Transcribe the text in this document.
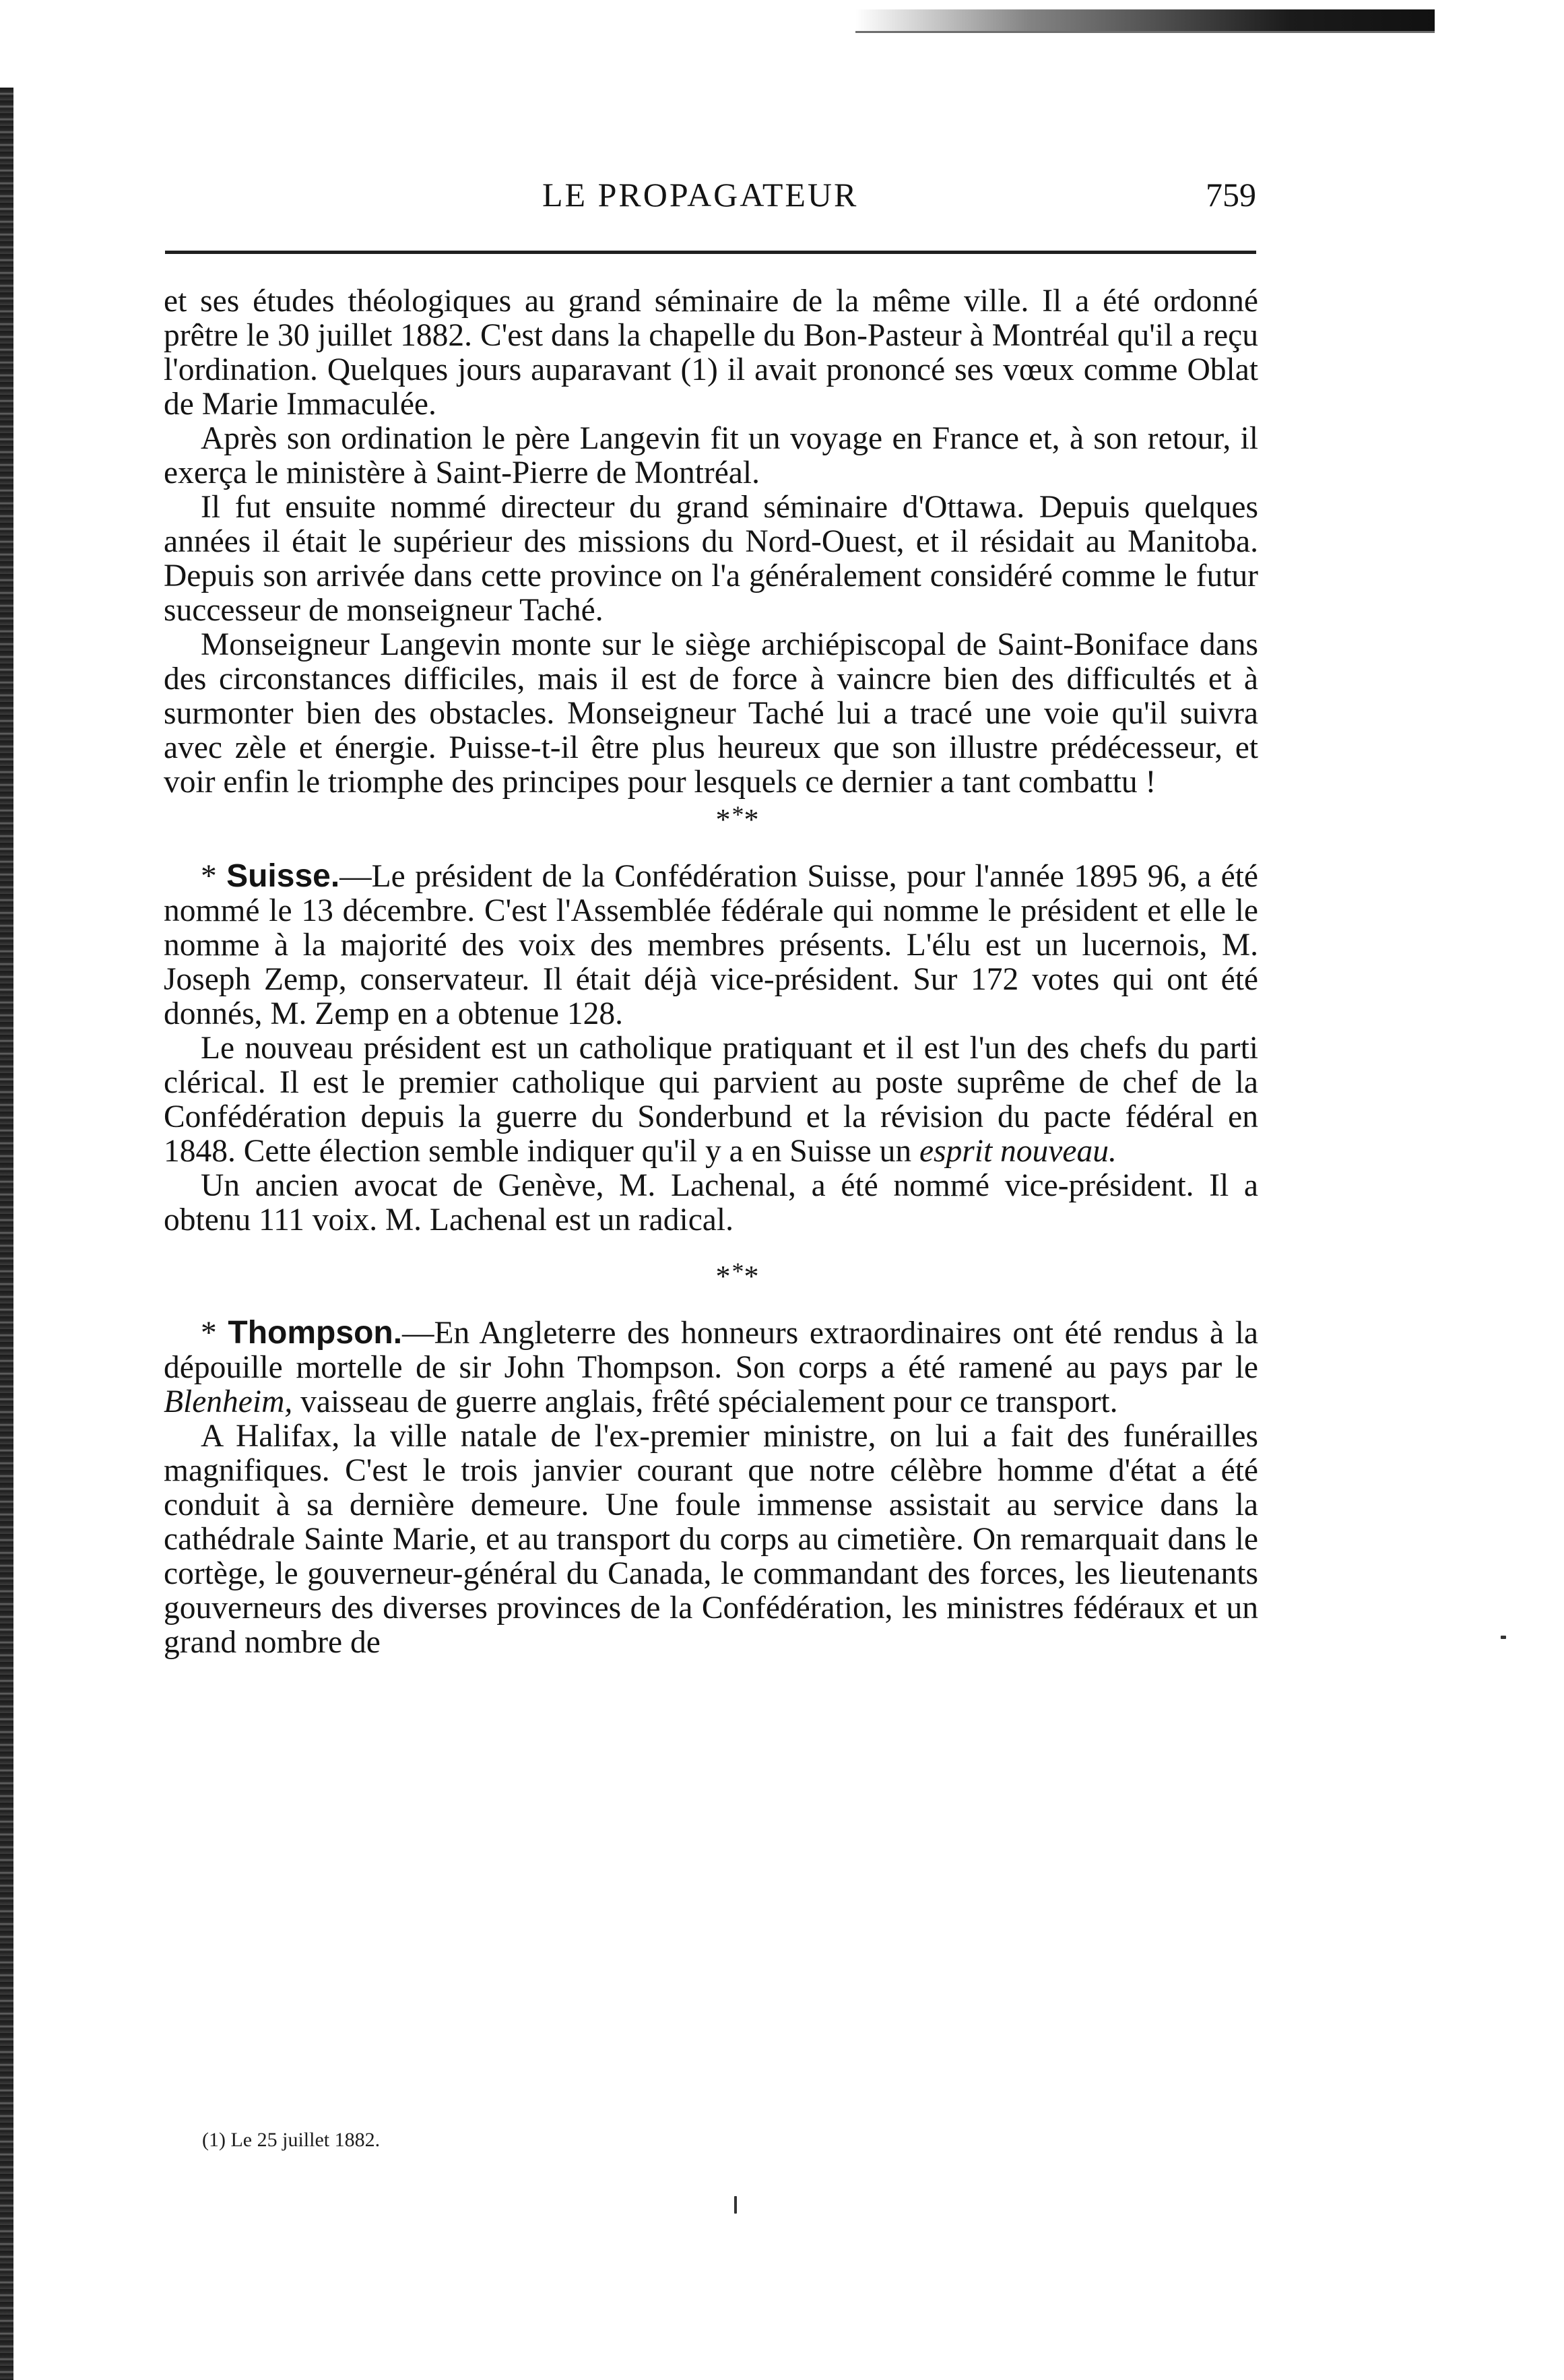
LE PROPAGATEUR	759

et ses études théologiques au grand séminaire de la même ville. Il a été ordonné prêtre le 30 juillet 1882. C'est dans la chapelle du Bon-Pasteur à Montréal qu'il a reçu l'ordination. Quelques jours auparavant (1) il avait prononcé ses vœux comme Oblat de Marie Immaculée.

Après son ordination le père Langevin fit un voyage en France et, à son retour, il exerça le ministère à Saint-Pierre de Montréal.

Il fut ensuite nommé directeur du grand séminaire d'Ottawa. Depuis quelques années il était le supérieur des missions du Nord-Ouest, et il résidait au Manitoba. Depuis son arrivée dans cette province on l'a généralement considéré comme le futur successeur de monseigneur Taché.

Monseigneur Langevin monte sur le siège archiépiscopal de Saint-Boniface dans des circonstances difficiles, mais il est de force à vaincre bien des difficultés et à surmonter bien des obstacles. Monseigneur Taché lui a tracé une voie qu'il suivra avec zèle et énergie. Puisse-t-il être plus heureux que son illustre prédécesseur, et voir enfin le triomphe des principes pour lesquels ce dernier a tant combattu !

***

* Suisse.—Le président de la Confédération Suisse, pour l'année 1895 96, a été nommé le 13 décembre. C'est l'Assemblée fédérale qui nomme le président et elle le nomme à la majorité des voix des membres présents. L'élu est un lucernois, M. Joseph Zemp, conservateur. Il était déjà vice-président. Sur 172 votes qui ont été donnés, M. Zemp en a obtenue 128.

Le nouveau président est un catholique pratiquant et il est l'un des chefs du parti clérical. Il est le premier catholique qui parvient au poste suprême de chef de la Confédération depuis la guerre du Sonderbund et la révision du pacte fédéral en 1848. Cette élection semble indiquer qu'il y a en Suisse un esprit nouveau.

Un ancien avocat de Genève, M. Lachenal, a été nommé vice-président. Il a obtenu 111 voix. M. Lachenal est un radical.

***

* Thompson.—En Angleterre des honneurs extraordinaires ont été rendus à la dépouille mortelle de sir John Thompson. Son corps a été ramené au pays par le Blenheim, vaisseau de guerre anglais, frêté spécialement pour ce transport.

A Halifax, la ville natale de l'ex-premier ministre, on lui a fait des funérailles magnifiques. C'est le trois janvier courant que notre célèbre homme d'état a été conduit à sa dernière demeure. Une foule immense assistait au service dans la cathédrale Sainte Marie, et au transport du corps au cimetière. On remarquait dans le cortège, le gouverneur-général du Canada, le commandant des forces, les lieutenants gouverneurs des diverses provinces de la Confédération, les ministres fédéraux et un grand nombre de

(1) Le 25 juillet 1882.
